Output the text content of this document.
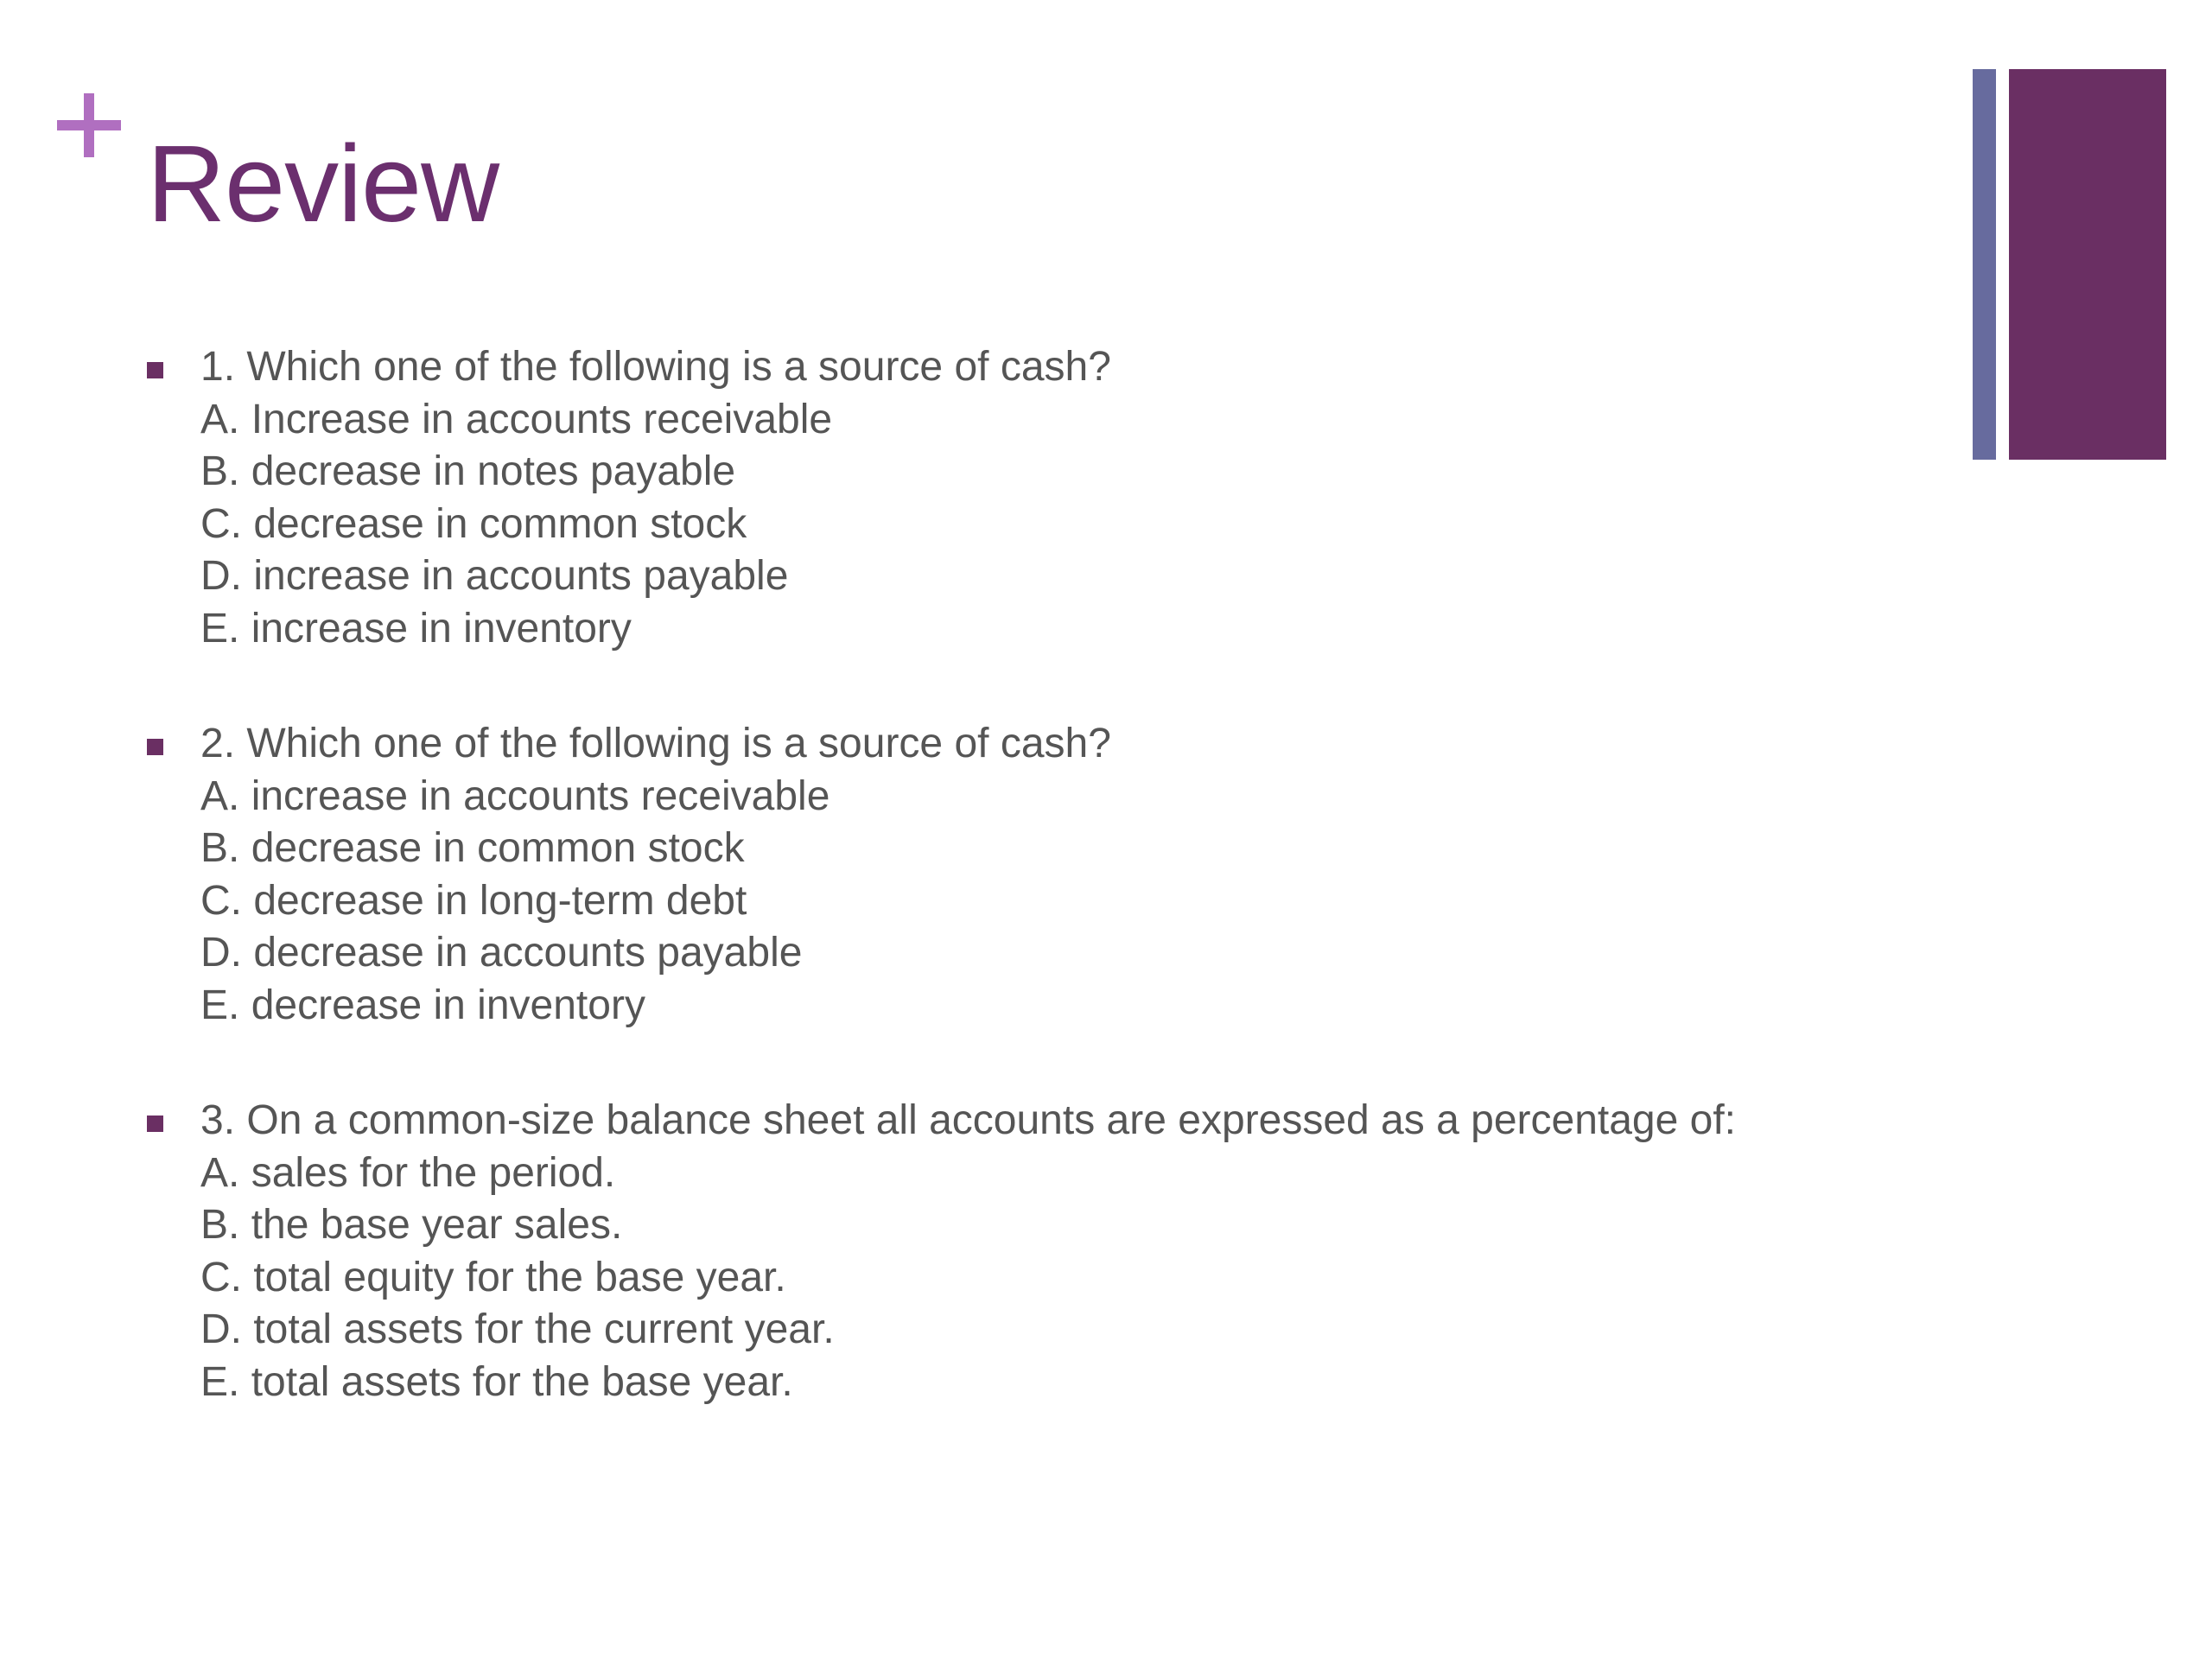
Review
1. Which one of the following is a source of cash?
A. Increase in accounts receivable
B. decrease in notes payable
C. decrease in common stock
D. increase in accounts payable
E. increase in inventory
2. Which one of the following is a source of cash?
A. increase in accounts receivable
B. decrease in common stock
C. decrease in long-term debt
D. decrease in accounts payable
E. decrease in inventory
3. On a common-size balance sheet all accounts are expressed as a percentage of:
A. sales for the period.
B. the base year sales.
C. total equity for the base year.
D. total assets for the current year.
E. total assets for the base year.
